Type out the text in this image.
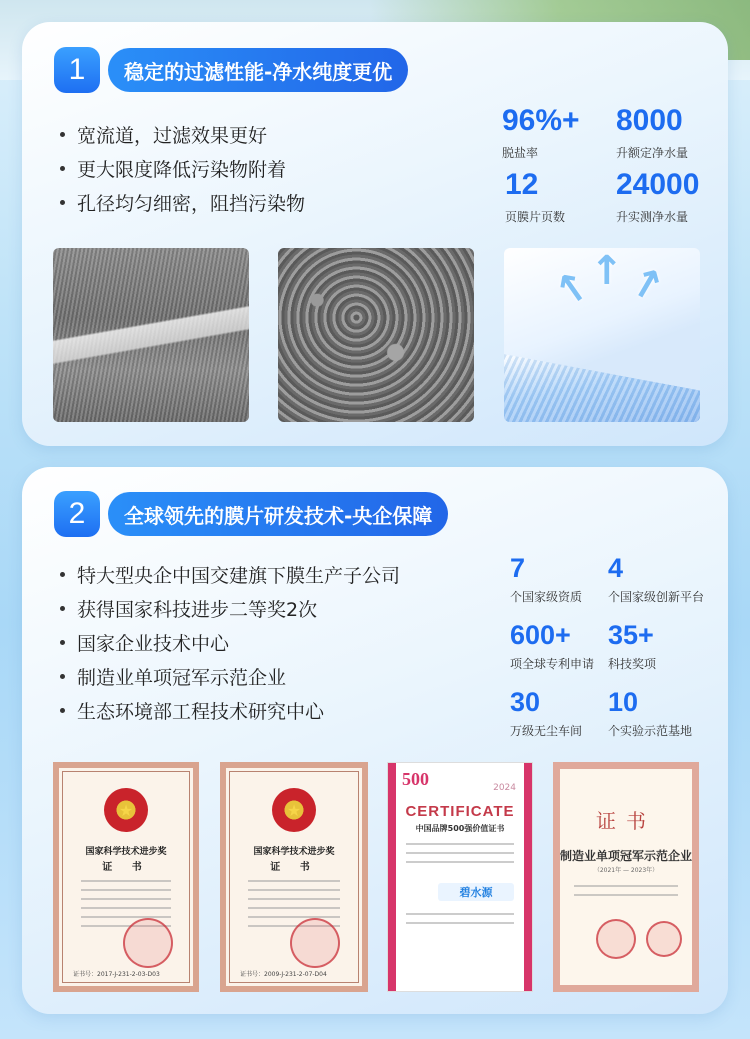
1	稳定的过滤性能-净水纯度更优
宽流道，过滤效果更好
更大限度降低污染物附着
孔径均匀细密，阻挡污染物
96%+
脱盐率
8000
升额定净水量
12
页膜片页数
24000
升实测净水量
↑
↑
↑
2	全球领先的膜片研发技术-央企保障
特大型央企中国交建旗下膜生产子公司
获得国家科技进步二等奖2次
国家企业技术中心
制造业单项冠军示范企业
生态环境部工程技术研究中心
7
个国家级资质
4
个国家级创新平台
600+
项全球专利申请
35+
科技奖项
30
万级无尘车间
10
个实验示范基地
★
国家科学技术进步奖
证 书
证书号：2017-J-231-2-03-D03
★
国家科学技术进步奖
证 书
证书号：2009-J-231-2-07-D04
500	2024
CERTIFICATE
中国品牌500强价值证书
碧水源
证书
制造业单项冠军示范企业
（2021年 — 2023年）
